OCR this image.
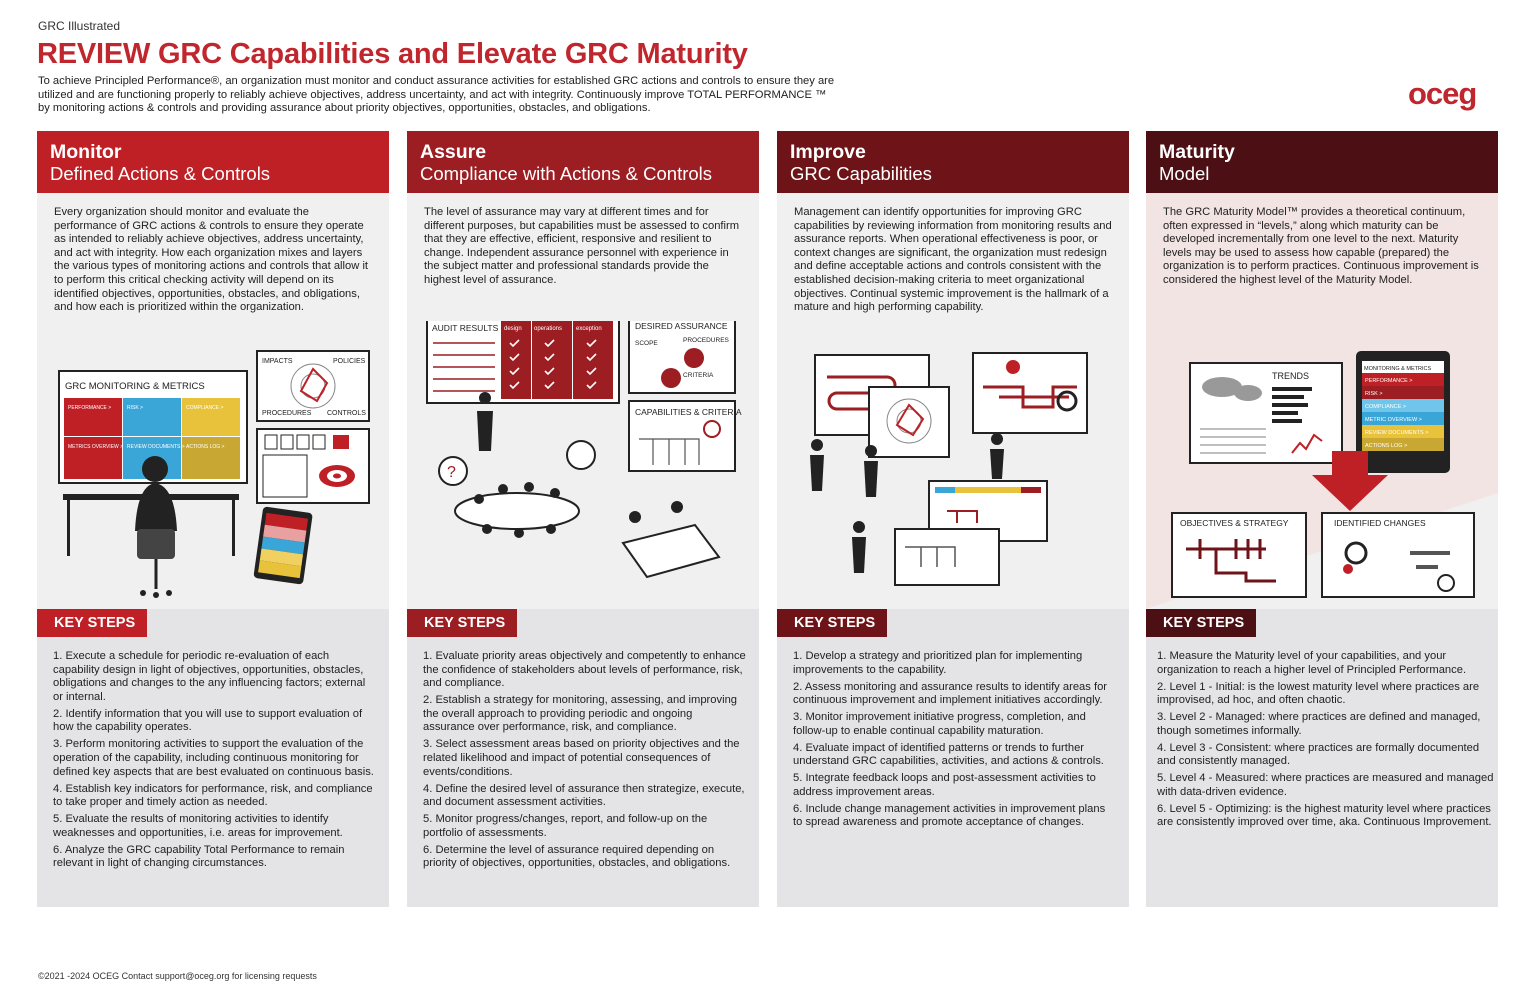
GRC Illustrated
REVIEW GRC Capabilities and Elevate GRC Maturity
To achieve Principled Performance®, an organization must monitor and conduct assurance activities for established GRC actions and controls to ensure they are utilized and are functioning properly to reliably achieve objectives, address uncertainty, and act with integrity. Continuously improve TOTAL PERFORMANCE ™ by monitoring actions & controls and providing assurance about priority objectives, opportunities, obstacles, and obligations.	oceg
Monitor
Defined Actions & Controls
Every organization should monitor and evaluate the performance of GRC actions & controls to ensure they operate as intended to reliably achieve objectives, address uncertainty, and act with integrity. How each organization mixes and layers the various types of monitoring actions and controls that allow it to perform this critical checking activity will depend on its identified objectives, opportunities, obstacles, and obligations, and how each is prioritized within the organization.
GRC MONITORING & METRICS
PERFORMANCE >	RISK >	COMPLIANCE >
METRICS OVERVIEW > REVIEW DOCUMENTS > ACTIONS LOG >
IMPACTS	POLICIES
PROCEDURES CONTROLS
KEY STEPS
1. Execute a schedule for periodic re-evaluation of each capability design in light of objectives, opportunities, obstacles, obligations and changes to the any influencing factors; external or internal.
2. Identify information that you will use to support evaluation of how the capability operates.
3. Perform monitoring activities to support the evaluation of the operation of the capability, including continuous monitoring for defined key aspects that are best evaluated on continuous basis.
4. Establish key indicators for performance, risk, and compliance to take proper and timely action as needed.
5. Evaluate the results of monitoring activities to identify weaknesses and opportunities, i.e. areas for improvement.
6. Analyze the GRC capability Total Performance to remain relevant in light of changing circumstances.
Assure
Compliance with Actions & Controls
The level of assurance may vary at different times and for different purposes, but capabilities must be assessed to confirm that they are effective, efficient, responsive and resilient to change. Independent assurance personnel with experience in the subject matter and professional standards provide the highest level of assurance.
AUDIT RESULTS design operations exception	DESIRED ASSURANCE
SCOPE	PROCEDURES
CRITERIA
CAPABILITIES & CRITERIA
?
KEY STEPS
1. Evaluate priority areas objectively and competently to enhance the confidence of stakeholders about levels of performance, risk, and compliance.
2. Establish a strategy for monitoring, assessing, and improving the overall approach to providing periodic and ongoing assurance over performance, risk, and compliance.
3. Select assessment areas based on priority objectives and the related likelihood and impact of potential consequences of events/conditions.
4. Define the desired level of assurance then strategize, execute, and document assessment activities.
5. Monitor progress/changes, report, and follow-up on the portfolio of assessments.
6. Determine the level of assurance required depending on priority of objectives, opportunities, obstacles, and obligations.
Improve
GRC Capabilities
Management can identify opportunities for improving GRC capabilities by reviewing information from monitoring results and assurance reports. When operational effectiveness is poor, or context changes are significant, the organization must redesign and define acceptable actions and controls consistent with the established decision-making criteria to meet organizational objectives. Continual systemic improvement is the hallmark of a mature and high performing capability.
KEY STEPS
1. Develop a strategy and prioritized plan for implementing improvements to the capability.
2. Assess monitoring and assurance results to identify areas for continuous improvement and implement initiatives accordingly.
3. Monitor improvement initiative progress, completion, and follow-up to enable continual capability maturation.
4. Evaluate impact of identified patterns or trends to further understand GRC capabilities, activities, and actions & controls.
5. Integrate feedback loops and post-assessment activities to address improvement areas.
6. Include change management activities in improvement plans to spread awareness and promote acceptance of changes.
Maturity
Model
The GRC Maturity Model™ provides a theoretical continuum, often expressed in “levels,” along which maturity can be developed incrementally from one level to the next. Maturity levels may be used to assess how capable (prepared) the organization is to perform practices. Continuous improvement is considered the highest level of the Maturity Model.
TRENDS
MONITORING & METRICS
PERFORMANCE >
RISK >
COMPLIANCE >
METRIC OVERVIEW >
REVIEW DOCUMENTS >
ACTIONS LOG >
OBJECTIVES & STRATEGY	IDENTIFIED CHANGES
KEY STEPS
1. Measure the Maturity level of your capabilities, and your organization to reach a higher level of Principled Performance.
2. Level 1 - Initial: is the lowest maturity level where practices are improvised, ad hoc, and often chaotic.
3. Level 2 - Managed: where practices are defined and managed, though sometimes informally.
4. Level 3 - Consistent: where practices are formally documented and consistently managed.
5. Level 4 - Measured: where practices are measured and managed with data-driven evidence.
6. Level 5 - Optimizing: is the highest maturity level where practices are consistently improved over time, aka. Continuous Improvement.
©2021 -2024 OCEG Contact support@oceg.org for licensing requests
